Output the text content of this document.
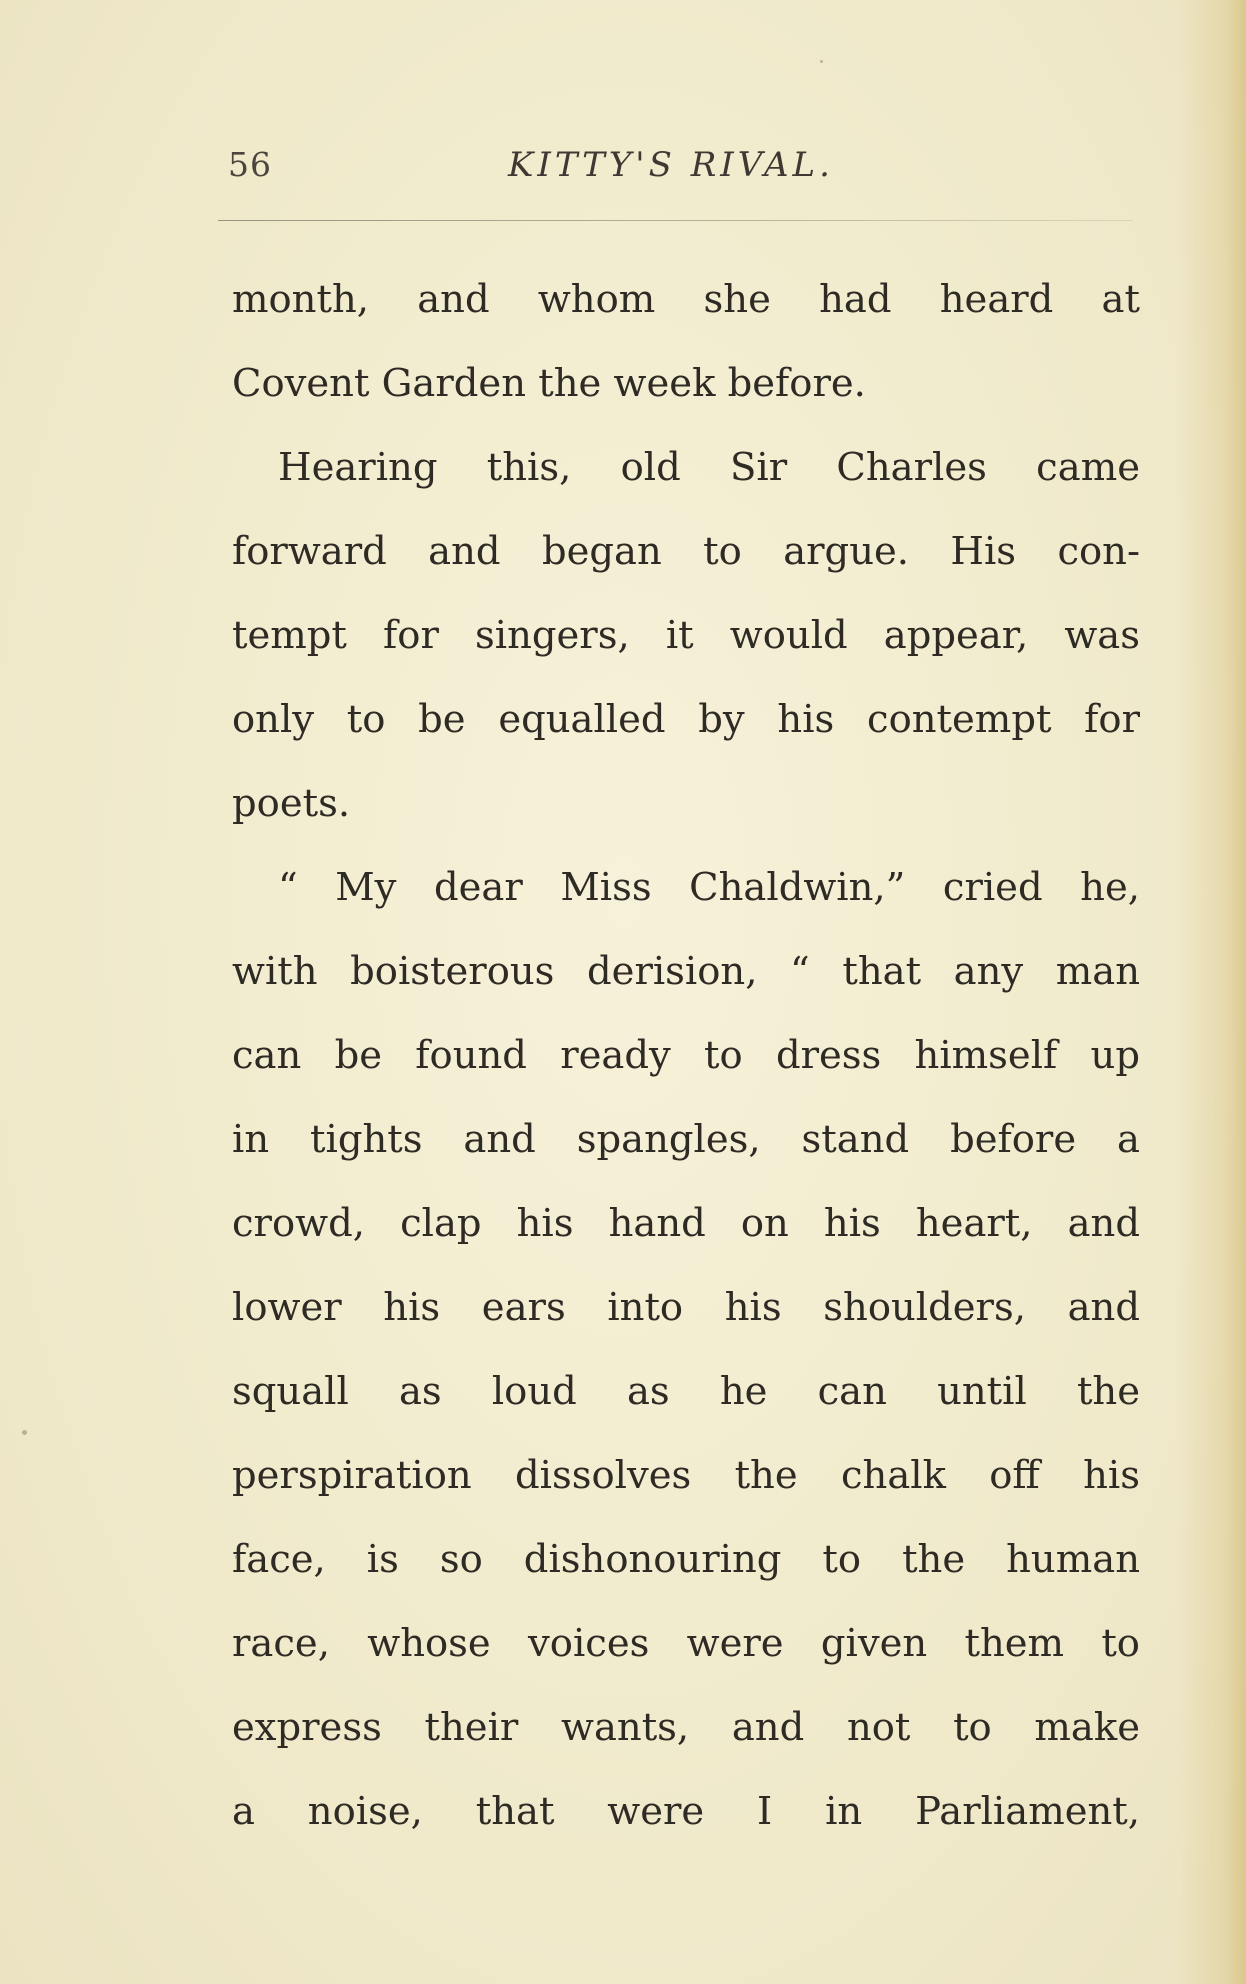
56	KITTY'S RIVAL.
month, and whom she had heard at
Covent Garden the week before.
Hearing this, old Sir Charles came
forward and began to argue. His con-
tempt for singers, it would appear, was
only to be equalled by his contempt for
poets.
“ My dear Miss Chaldwin,” cried he,
with boisterous derision, “ that any man
can be found ready to dress himself up
in tights and spangles, stand before a
crowd, clap his hand on his heart, and
lower his ears into his shoulders, and
squall as loud as he can until the
perspiration dissolves the chalk off his
face, is so dishonouring to the human
race, whose voices were given them to
express their wants, and not to make
a noise, that were I in Parliament,
